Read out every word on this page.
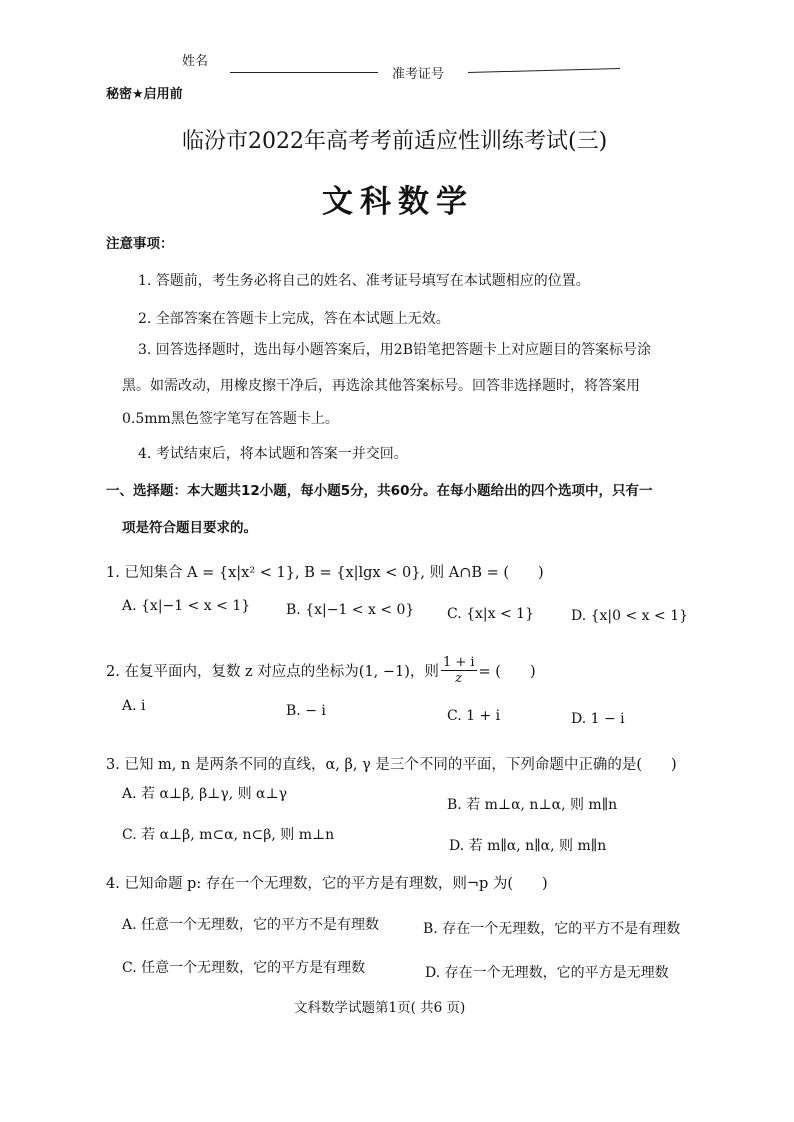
姓名
准考证号
秘密★启用前
临汾市2022年高考考前适应性训练考试(三)
文科数学
注意事项：
1. 答题前，考生务必将自己的姓名、准考证号填写在本试题相应的位置。
2. 全部答案在答题卡上完成，答在本试题上无效。
3. 回答选择题时，选出每小题答案后，用2B铅笔把答题卡上对应题目的答案标号涂
黑。如需改动，用橡皮擦干净后，再选涂其他答案标号。回答非选择题时，将答案用
0.5mm黑色签字笔写在答题卡上。
4. 考试结束后，将本试题和答案一并交回。
一、选择题：本大题共12小题，每小题5分，共60分。在每小题给出的四个选项中，只有一
项是符合题目要求的。
1. 已知集合 A = {x|x² < 1}, B = {x|lgx < 0}, 则 A∩B = (　　)
A. {x|−1 < x < 1}	B. {x|−1 < x < 0} C. {x|x < 1}	D. {x|0 < x < 1}
2. 在复平面内，复数 z 对应点的坐标为(1, −1)，则 $\frac{1 + i}{z}$ = (　　)
A. i	B. − i	C. 1 + i	D. 1 − i
3. 已知 m, n 是两条不同的直线，α, β, γ 是三个不同的平面，下列命题中正确的是(　　)
A. 若 α⊥β, β⊥γ, 则 α⊥γ
B. 若 m⊥α, n⊥α, 则 m∥n
C. 若 α⊥β, m⊂α, n⊂β, 则 m⊥n
D. 若 m∥α, n∥α, 则 m∥n
4. 已知命题 p: 存在一个无理数，它的平方是有理数，则¬p 为(　　)
A. 任意一个无理数，它的平方不是有理数	B. 存在一个无理数，它的平方不是有理数
C. 任意一个无理数，它的平方是有理数	D. 存在一个无理数，它的平方是无理数
文科数学试题第1页( 共6 页)
